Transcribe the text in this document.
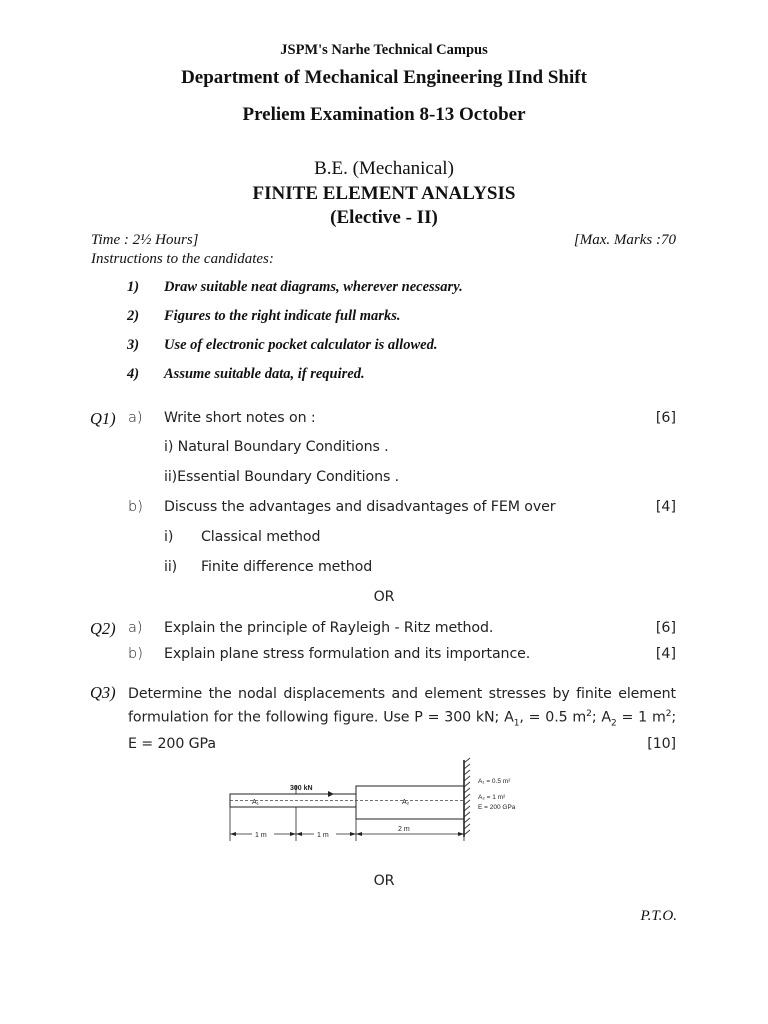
JSPM's Narhe Technical Campus
Department of Mechanical Engineering IInd Shift
Preliem Examination 8-13 October
B.E. (Mechanical)
FINITE ELEMENT ANALYSIS
(Elective - II)
Time : 2½ Hours]	[Max. Marks :70
Instructions to the candidates:
1) Draw suitable neat diagrams, wherever necessary.
2) Figures to the right indicate full marks.
3) Use of electronic pocket calculator is allowed.
4) Assume suitable data, if required.
Q1) a) Write short notes on :	[6]
i) Natural Boundary Conditions .
ii)Essential Boundary Conditions .
b) Discuss the advantages and disadvantages of FEM over	[4]
i) Classical method
ii) Finite difference method
OR
Q2) a) Explain the principle of Rayleigh - Ritz method.	[6]
b) Explain plane stress formulation and its importance.	[4]
Q3) Determine the nodal displacements and element stresses by finite element
formulation for the following figure. Use P = 300 kN; $A_1$, = 0.5 $m^2$; $A_2 = 1$ $m^2$;
E = 200 GPa	[10]
A₁	A₂
300 kN
A₁ = 0.5 m²
A₂ = 1 m²
E = 200 GPa
1 m	1 m
2 m
OR
P.T.O.
